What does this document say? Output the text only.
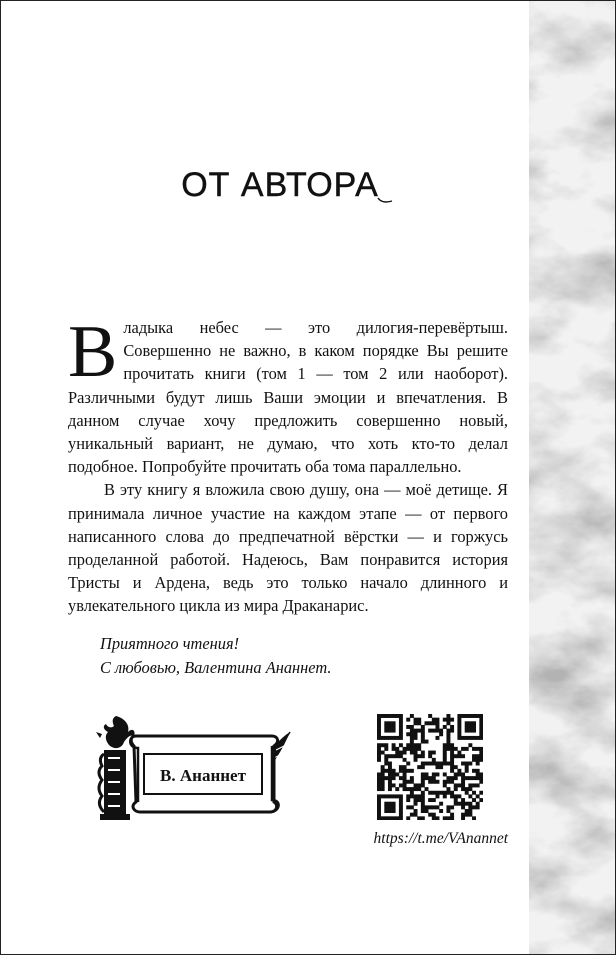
ОТ АВТОРА

Владыка небес — это дилогия-перевёртыш. Совершенно не важно, в каком порядке Вы решите прочитать книги (том 1 — том 2 или наоборот). Различными будут лишь Ваши эмоции и впечатления. В данном случае хочу предложить совершенно новый, уникальный вариант, не думаю, что хоть кто-то делал подобное. Попробуйте прочитать оба тома параллельно.

В эту книгу я вложила свою душу, она — моё детище. Я принимала личное участие на каждом этапе — от первого написанного слова до предпечатной вёрстки — и горжусь проделанной работой. Надеюсь, Вам понравится история Тристы и Ардена, ведь это только начало длинного и увлекательного цикла из мира Драканарис.

Приятного чтения!
С любовью, Валентина Ананнет.
В. Ананнет
https://t.me/VAnannet
